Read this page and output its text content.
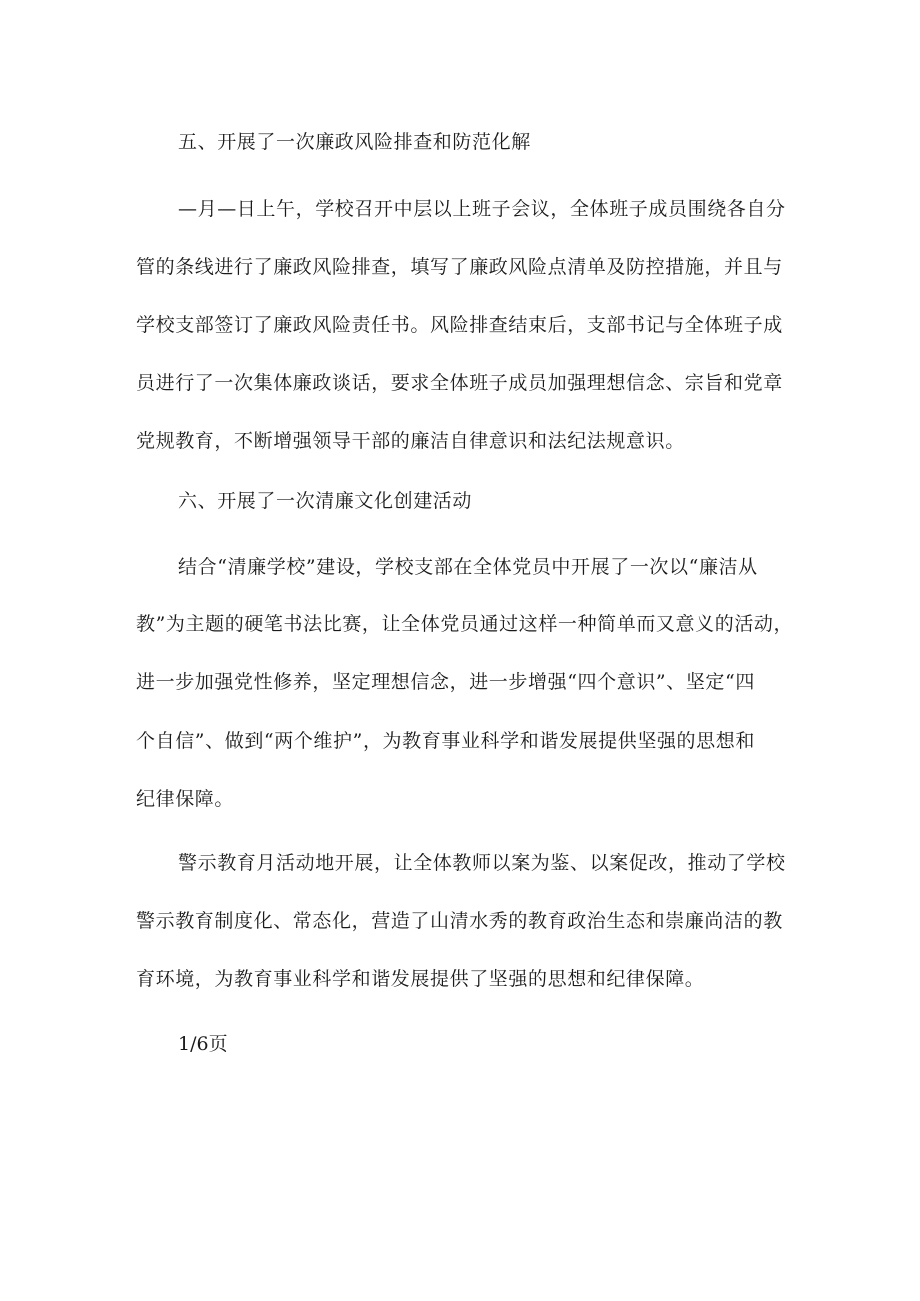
五、开展了一次廉政风险排查和防范化解
—月—日上午，学校召开中层以上班子会议，全体班子成员围绕各自分
管的条线进行了廉政风险排查，填写了廉政风险点清单及防控措施，并且与
学校支部签订了廉政风险责任书。风险排查结束后，支部书记与全体班子成
员进行了一次集体廉政谈话，要求全体班子成员加强理想信念、宗旨和党章
党规教育，不断增强领导干部的廉洁自律意识和法纪法规意识。
六、开展了一次清廉文化创建活动
结合“清廉学校”建设，学校支部在全体党员中开展了一次以“廉洁从
教”为主题的硬笔书法比赛，让全体党员通过这样一种简单而又意义的活动，
进一步加强党性修养，坚定理想信念，进一步增强“四个意识”、坚定“四
个自信”、做到“两个维护”，为教育事业科学和谐发展提供坚强的思想和
纪律保障。
警示教育月活动地开展，让全体教师以案为鉴、以案促改，推动了学校
警示教育制度化、常态化，营造了山清水秀的教育政治生态和崇廉尚洁的教
育环境，为教育事业科学和谐发展提供了坚强的思想和纪律保障。
1/6页
